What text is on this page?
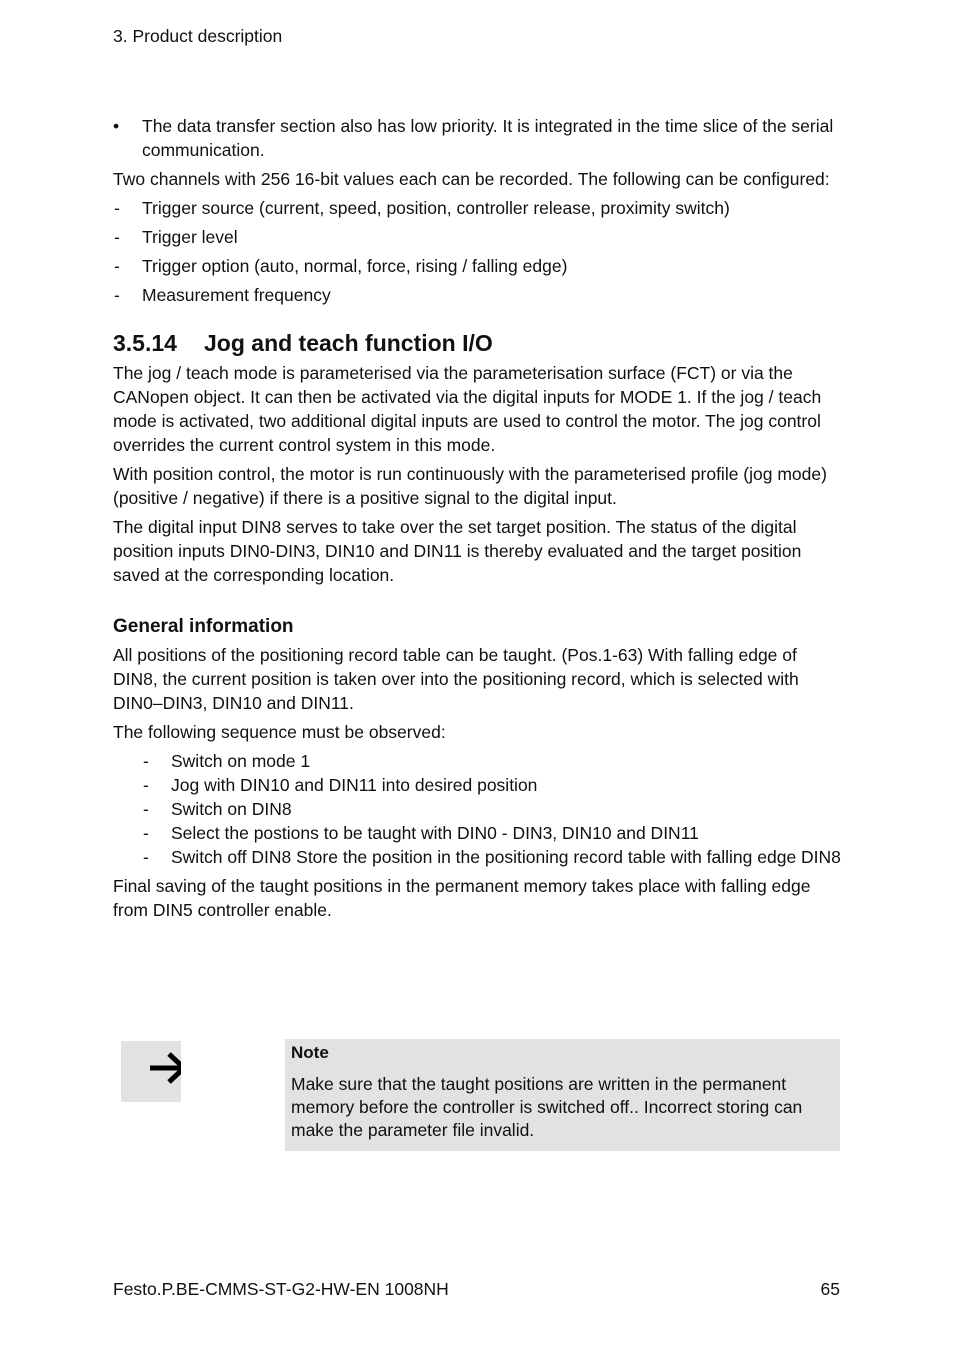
3. Product description
• The data transfer section also has low priority. It is integrated in the time slice of the serial communication.

Two channels with 256 16-bit values each can be recorded. The following can be configured:

- Trigger source (current, speed, position, controller release, proximity switch)
- Trigger level
- Trigger option (auto, normal, force, rising / falling edge)
- Measurement frequency
3.5.14 Jog and teach function I/O

The jog / teach mode is parameterised via the parameterisation surface (FCT) or via the CANopen object. It can then be activated via the digital inputs for MODE 1. If the jog / teach mode is activated, two additional digital inputs are used to control the motor. The jog control overrides the current control system in this mode.

With position control, the motor is run continuously with the parameterised profile (jog mode) (positive / negative) if there is a positive signal to the digital input.

The digital input DIN8 serves to take over the set target position. The status of the digital position inputs DIN0-DIN3, DIN10 and DIN11 is thereby evaluated and the target position saved at the corresponding location.

General information

All positions of the positioning record table can be taught. (Pos.1-63) With falling edge of DIN8, the current position is taken over into the positioning record, which is selected with DIN0–DIN3, DIN10 and DIN11.

The following sequence must be observed:

- Switch on mode 1
- Jog with DIN10 and DIN11 into desired position
- Switch on DIN8
- Select the postions to be taught with DIN0 - DIN3, DIN10 and DIN11
- Switch off DIN8 Store the position in the positioning record table with falling edge DIN8

Final saving of the taught positions in the permanent memory takes place with falling edge from DIN5 controller enable.

Note
Make sure that the taught positions are written in the permanent memory before the controller is switched off.. Incorrect storing can make the parameter file invalid.
Festo.P.BE-CMMS-ST-G2-HW-EN 1008NH	65
